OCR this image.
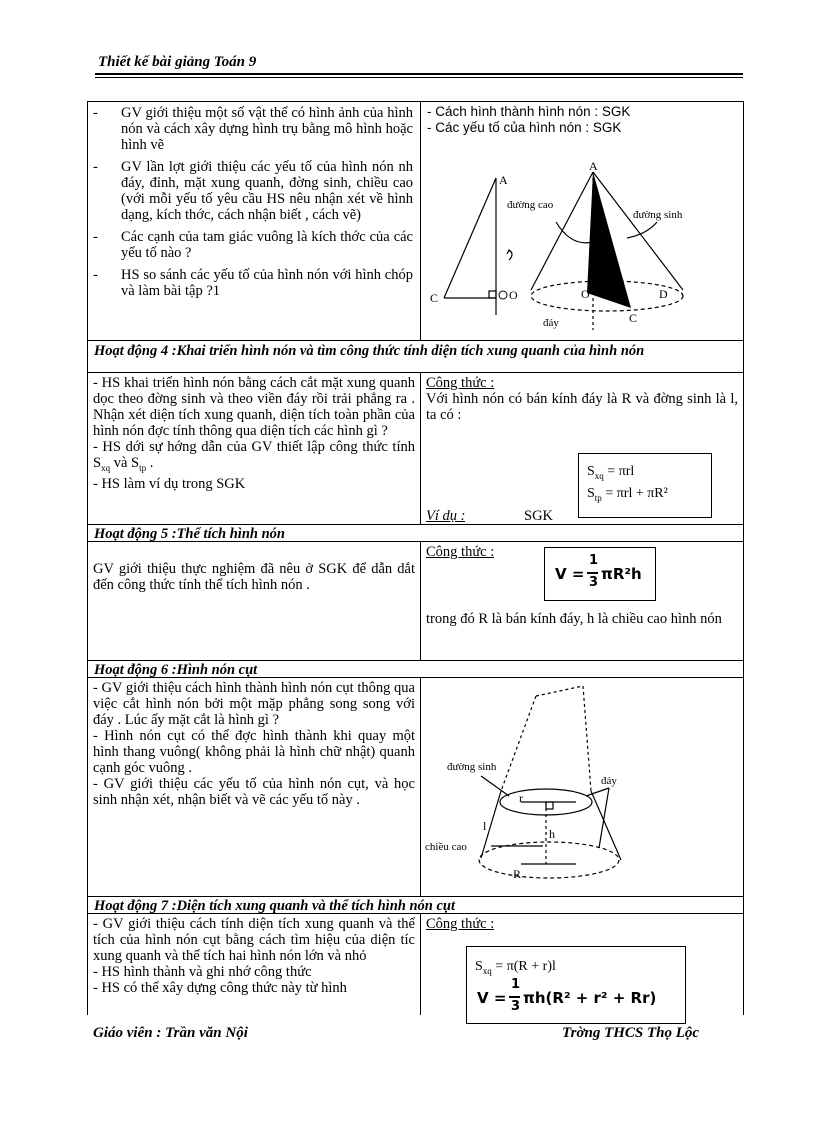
Thiết kế bài giảng Toán 9
- GV giới thiệu một số vật thể có hình ảnh của hình nón và cách xây dựng hình trụ bằng mô hình hoặc hình vẽ

- GV lần lợt giới thiệu các yếu tố của hình nón nh đáy, đỉnh, mặt xung quanh, đờng sinh, chiều cao (với mỗi yếu tố yêu cầu HS nêu nhận xét về hình dạng, kích thớc, cách nhận biết , cách vẽ)

- Các cạnh của tam giác vuông là kích thớc của các yếu tố nào ?

- HS so sánh các yếu tố của hình nón với hình chóp và làm bài tập ?1

- Cách hình thành hình nón : SGK

- Các yếu tố của hình nón : SGK

A
C	O
A
O	D
C
đường cao
đường sinh
đáy
Hoạt động 4 :Khai triển hình nón và tìm công thức tính diện tích xung quanh của hình nón

- HS khai triển hình nón bằng cách cắt mặt xung quanh dọc theo đờng sinh và theo viền đáy rồi trải phẳng ra . Nhận xét diện tích xung quanh, diện tích toàn phần của hình nón đợc tính thông qua diện tích các hình gì ?

- HS dới sự hớng dẫn của GV thiết lập công thức tính $S_{xq}$ và $S_{tp}$ .

- HS làm ví dụ trong SGK

Công thức :

Với hình nón có bán kính đáy là R và đờng sinh là l, ta có :

$S_{xq} = \pi rl$
$S_{tp} = \pi rl + \pi R^2$
Ví dụ :	SGK
Hoạt động 5 :Thể tích hình nón
GV giới thiệu thực nghiệm đã nêu ở SGK để dẫn dắt đến công thức tính thể tích hình nón .
Công thức :
V =
1
3 πR²h
trong đó R là bán kính đáy, h là chiều cao hình nón
Hoạt động 6 :Hình nón cụt

- GV giới thiệu cách hình thành hình nón cụt thông qua việc cắt hình nón bởi một mặp phẳng song song với đáy . Lúc ấy mặt cắt là hình gì ?

- Hình nón cụt có thể đợc hình thành khi quay một hình thang vuông( không phải là hình chữ nhật) quanh cạnh góc vuông .

- GV giới thiệu các yếu tố của hình nón cụt, và học sinh nhận xét, nhận biết và vẽ các yếu tố này .

đường sinh
đáy
r
l
h
R
chiều cao
Hoạt động 7 :Diện tích xung quanh và thể tích hình nón cụt

- GV giới thiệu cách tính diện tích xung quanh và thể tích của hình nón cụt bằng cách tìm hiệu của diện tíc xung quanh và thể tích hai hình nón lớn và nhỏ

- HS hình thành và ghi nhớ công thức

- HS có thể xây dựng công thức này từ hình

Công thức :
$S_{xq} = \pi(R + r)l$
V =
1
3 πh(R² + r² + Rr)
Giáo viên : Trần văn Nội	Trờng THCS Thọ Lộc
